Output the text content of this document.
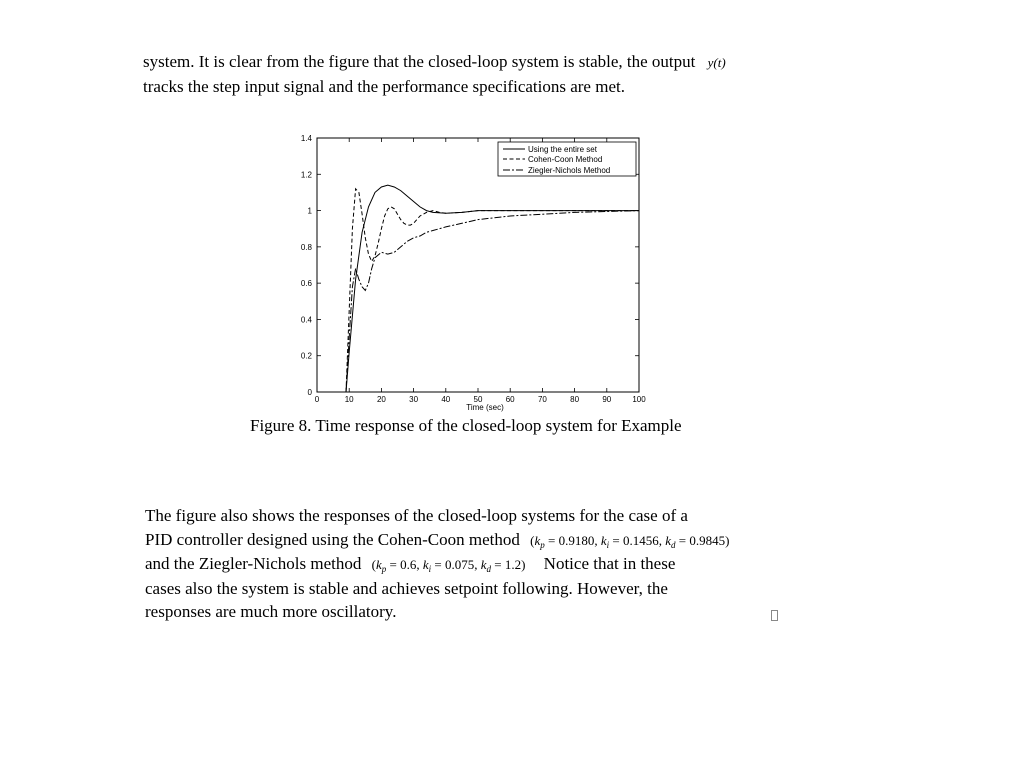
system. It is clear from the figure that the closed-loop system is stable, the output y(t)
tracks the step input signal and the performance specifications are met.
0	10	20	30	40	50	60	70	80	90	100
0
0.2
0.4
0.6
0.8
1
1.2
1.4
Time (sec)
Using the entire set
Cohen-Coon Method
Ziegler-Nichols Method
Figure 8. Time response of the closed-loop system for Example
The figure also shows the responses of the closed-loop systems for the case of a
PID controller designed using the Cohen-Coon method ($k_p = 0.9180$, $k_i = 0.1456$, $k_d = 0.9845$)
and the Ziegler-Nichols method ($k_p = 0.6$, $k_i = 0.075$, $k_d = 1.2$) Notice that in these
cases also the system is stable and achieves setpoint following. However, the
responses are much more oscillatory.
